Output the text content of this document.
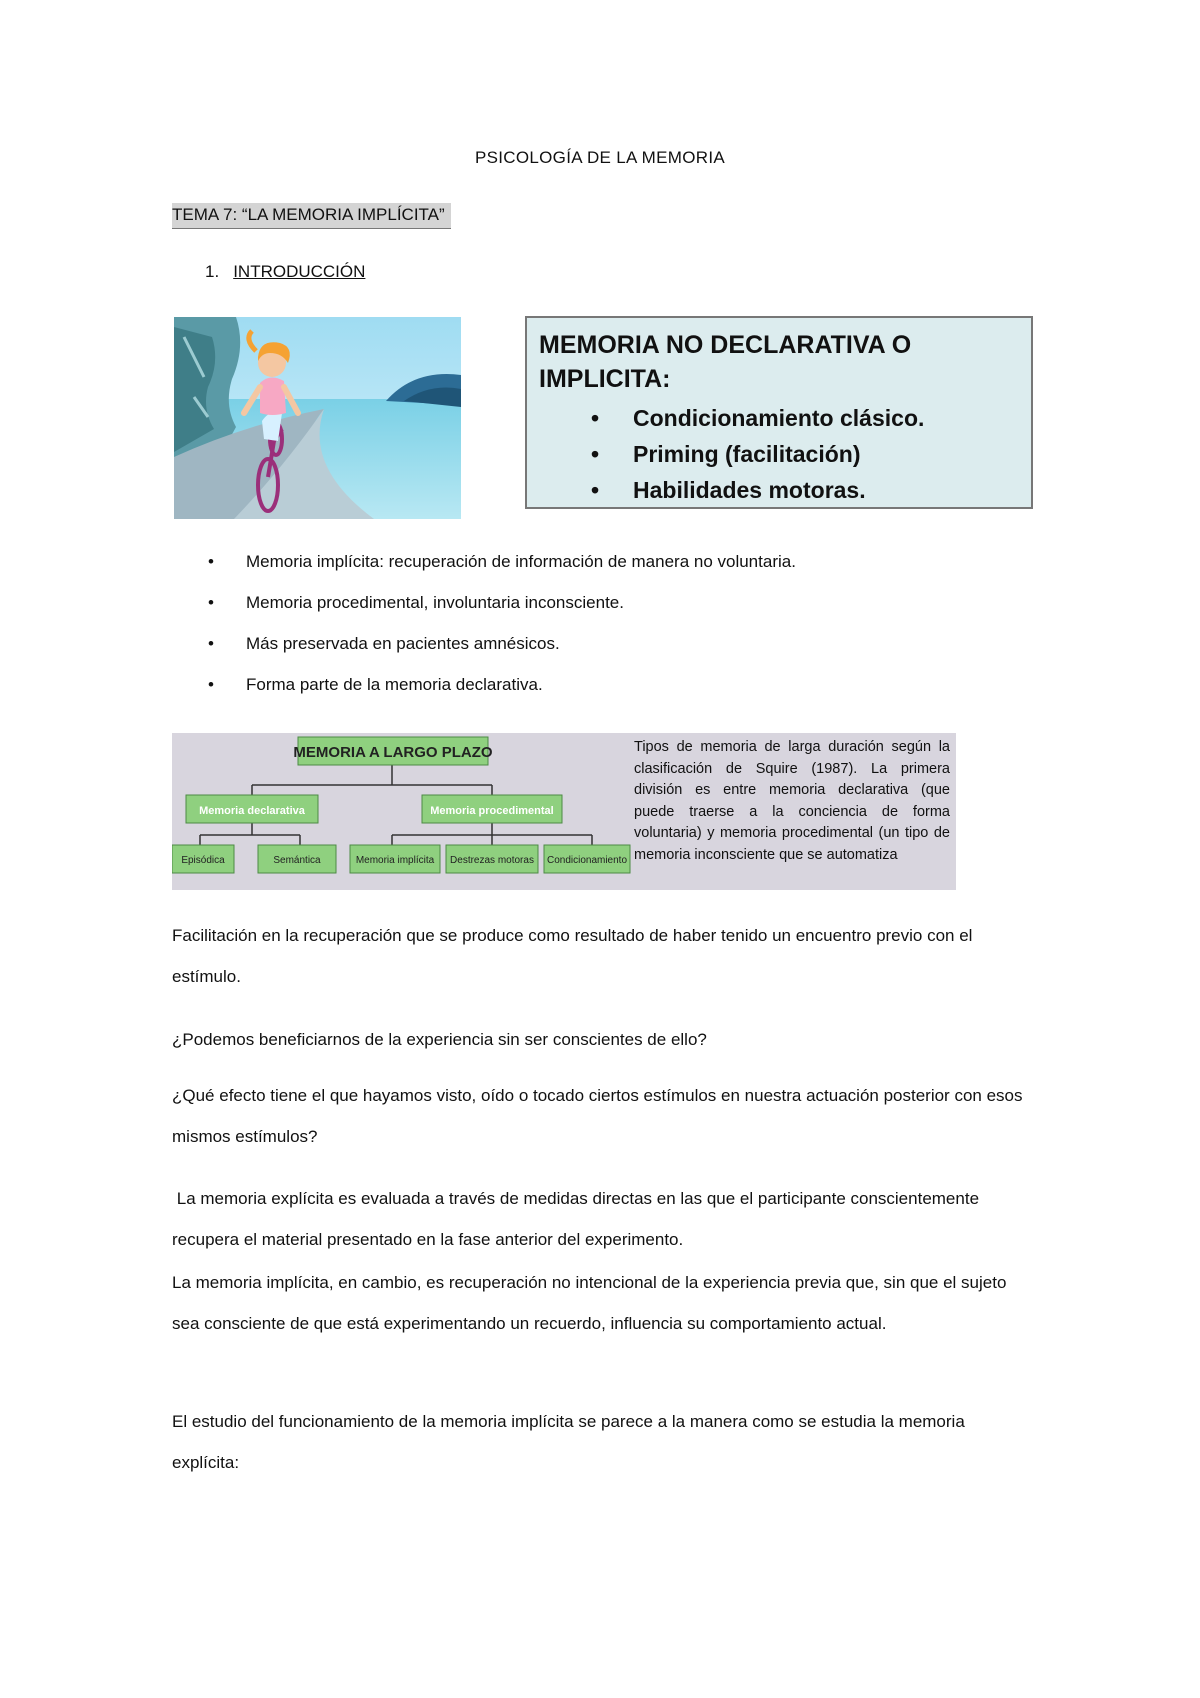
PSICOLOGÍA DE LA MEMORIA
TEMA 7: “LA MEMORIA IMPLÍCITA”
1. INTRODUCCIÓN
MEMORIA NO DECLARATIVA O IMPLICITA:
• Condicionamiento clásico.
• Priming (facilitación)
• Habilidades motoras.
• Memoria implícita: recuperación de información de manera no voluntaria.
• Memoria procedimental, involuntaria inconsciente.
• Más preservada en pacientes amnésicos.
• Forma parte de la memoria declarativa.
MEMORIA A LARGO PLAZO
Memoria declarativa	Memoria procedimental
Episódica	Semántica	Memoria implícita Destrezas motoras Condicionamiento
Tipos de memoria de larga duración según la clasificación de Squire (1987). La primera división es entre memoria declarativa (que puede traerse a la conciencia de forma voluntaria) y memoria procedimental (un tipo de memoria inconsciente que se automatiza
Facilitación en la recuperación que se produce como resultado de haber tenido un encuentro previo con el estímulo.
¿Podemos beneficiarnos de la experiencia sin ser conscientes de ello?
¿Qué efecto tiene el que hayamos visto, oído o tocado ciertos estímulos en nuestra actuación posterior con esos mismos estímulos?
La memoria explícita es evaluada a través de medidas directas en las que el participante conscientemente recupera el material presentado en la fase anterior del experimento.
La memoria implícita, en cambio, es recuperación no intencional de la experiencia previa que, sin que el sujeto sea consciente de que está experimentando un recuerdo, influencia su comportamiento actual.
El estudio del funcionamiento de la memoria implícita se parece a la manera como se estudia la memoria explícita:
